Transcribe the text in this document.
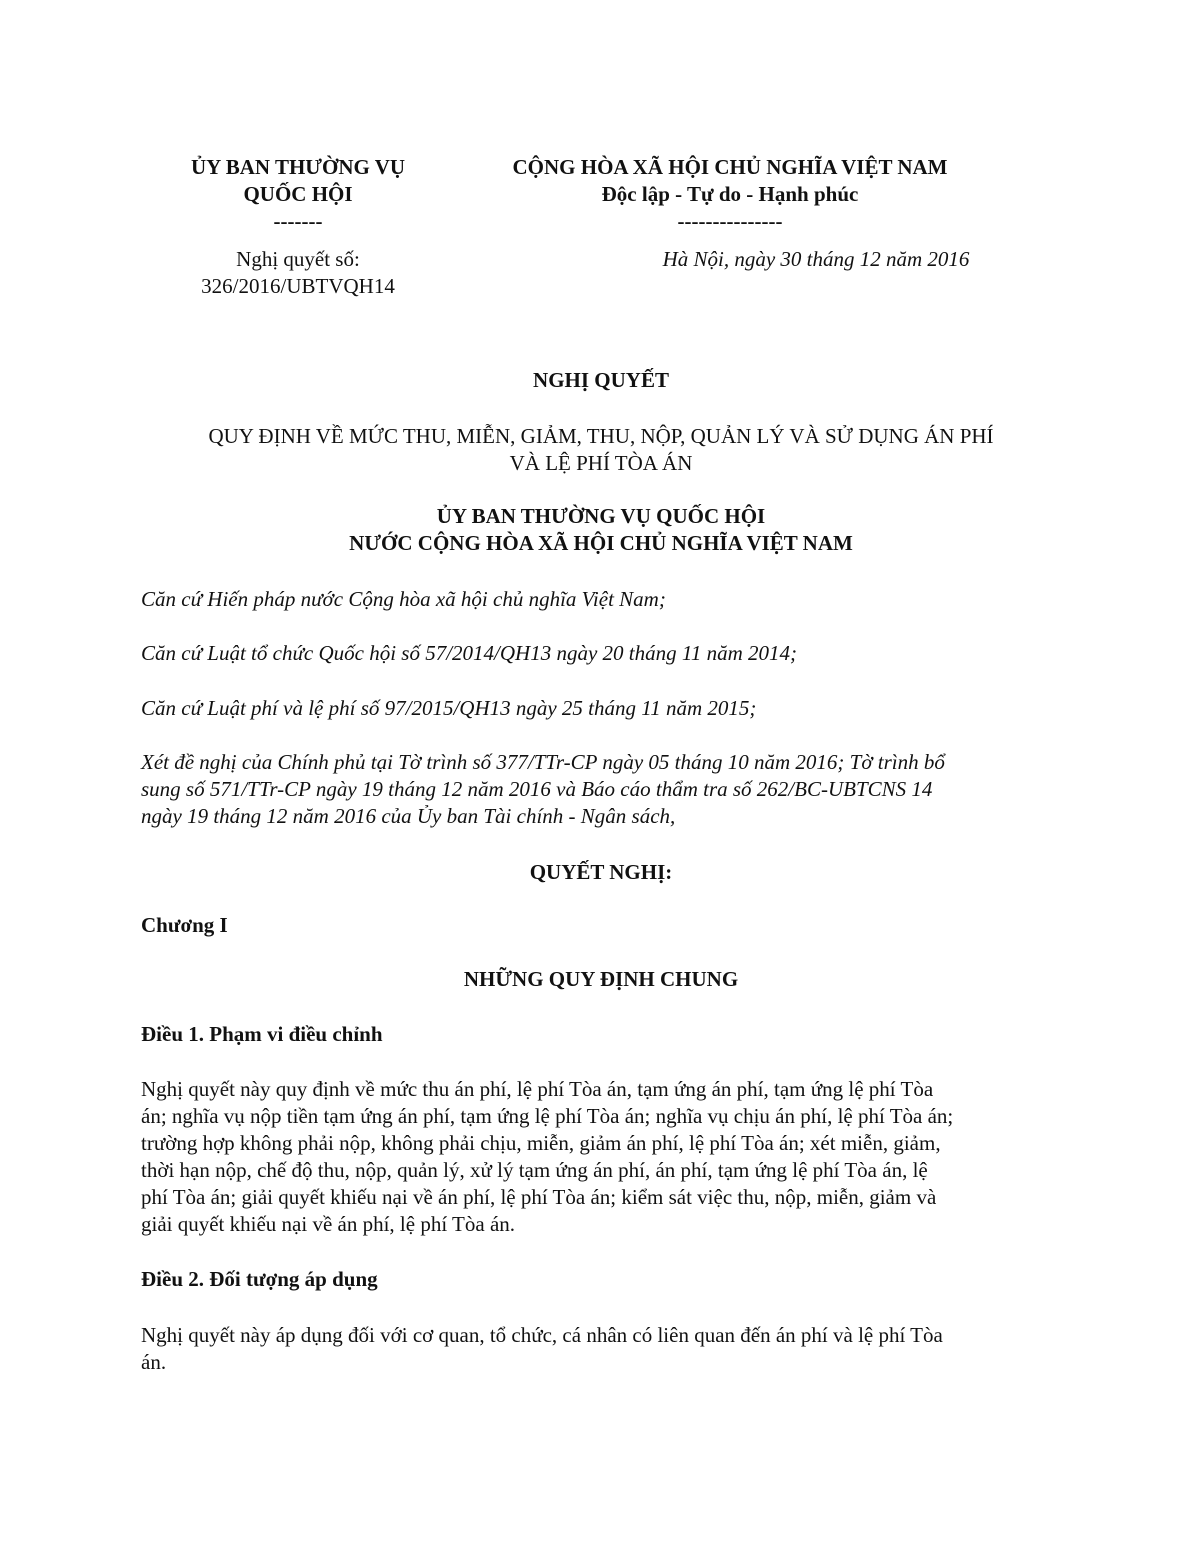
ỦY BAN THƯỜNG VỤ
QUỐC HỘI
-------
Nghị quyết số:
326/2016/UBTVQH14
CỘNG HÒA XÃ HỘI CHỦ NGHĨA VIỆT NAM
Độc lập - Tự do - Hạnh phúc
---------------
Hà Nội, ngày 30 tháng 12 năm 2016
NGHỊ QUYẾT
QUY ĐỊNH VỀ MỨC THU, MIỄN, GIẢM, THU, NỘP, QUẢN LÝ VÀ SỬ DỤNG ÁN PHÍ
VÀ LỆ PHÍ TÒA ÁN
ỦY BAN THƯỜNG VỤ QUỐC HỘI
NƯỚC CỘNG HÒA XÃ HỘI CHỦ NGHĨA VIỆT NAM
Căn cứ Hiến pháp nước Cộng hòa xã hội chủ nghĩa Việt Nam;
Căn cứ Luật tổ chức Quốc hội số 57/2014/QH13 ngày 20 tháng 11 năm 2014;
Căn cứ Luật phí và lệ phí số 97/2015/QH13 ngày 25 tháng 11 năm 2015;
Xét đề nghị của Chính phủ tại Tờ trình số 377/TTr-CP ngày 05 tháng 10 năm 2016; Tờ trình bổ
sung số 571/TTr-CP ngày 19 tháng 12 năm 2016 và Báo cáo thẩm tra số 262/BC-UBTCNS 14
ngày 19 tháng 12 năm 2016 của Ủy ban Tài chính - Ngân sách,
QUYẾT NGHỊ:
Chương I
NHỮNG QUY ĐỊNH CHUNG
Điều 1. Phạm vi điều chỉnh
Nghị quyết này quy định về mức thu án phí, lệ phí Tòa án, tạm ứng án phí, tạm ứng lệ phí Tòa
án; nghĩa vụ nộp tiền tạm ứng án phí, tạm ứng lệ phí Tòa án; nghĩa vụ chịu án phí, lệ phí Tòa án;
trường hợp không phải nộp, không phải chịu, miễn, giảm án phí, lệ phí Tòa án; xét miễn, giảm,
thời hạn nộp, chế độ thu, nộp, quản lý, xử lý tạm ứng án phí, án phí, tạm ứng lệ phí Tòa án, lệ
phí Tòa án; giải quyết khiếu nại về án phí, lệ phí Tòa án; kiểm sát việc thu, nộp, miễn, giảm và
giải quyết khiếu nại về án phí, lệ phí Tòa án.
Điều 2. Đối tượng áp dụng
Nghị quyết này áp dụng đối với cơ quan, tổ chức, cá nhân có liên quan đến án phí và lệ phí Tòa
án.
